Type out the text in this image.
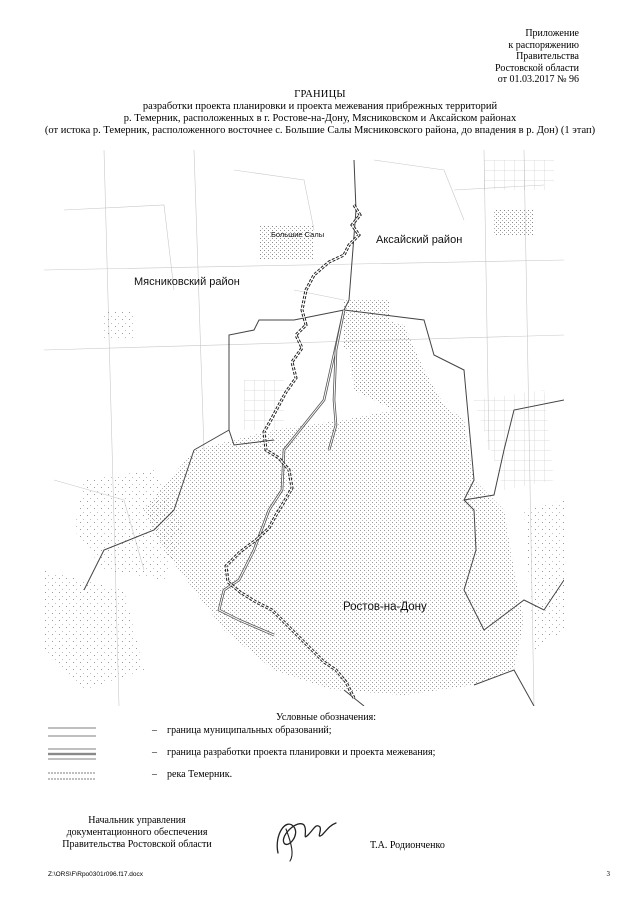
Приложение
к распоряжению
Правительства
Ростовской области
от 01.03.2017 № 96
ГРАНИЦЫ
разработки проекта планировки и проекта межевания прибрежных территорий
р. Темерник, расположенных в г. Ростове-на-Дону, Мясниковском и Аксайском районах
(от истока р. Темерник, расположенного восточнее с. Большие Салы Мясниковского района, до впадения в р. Дон) (1 этап)
Большие Салы	Аксайский район
Мясниковский район
Ростов-на-Дону
Условные обозначения:
– граница муниципальных образований;
– граница разработки проекта планировки и проекта межевания;
– река Темерник.
Начальник управления
документационного обеспечения
Правительства Ростовской области	Т.А. Родионченко
Z:\ORS\F\Rpo0301r096.f17.docx	3
